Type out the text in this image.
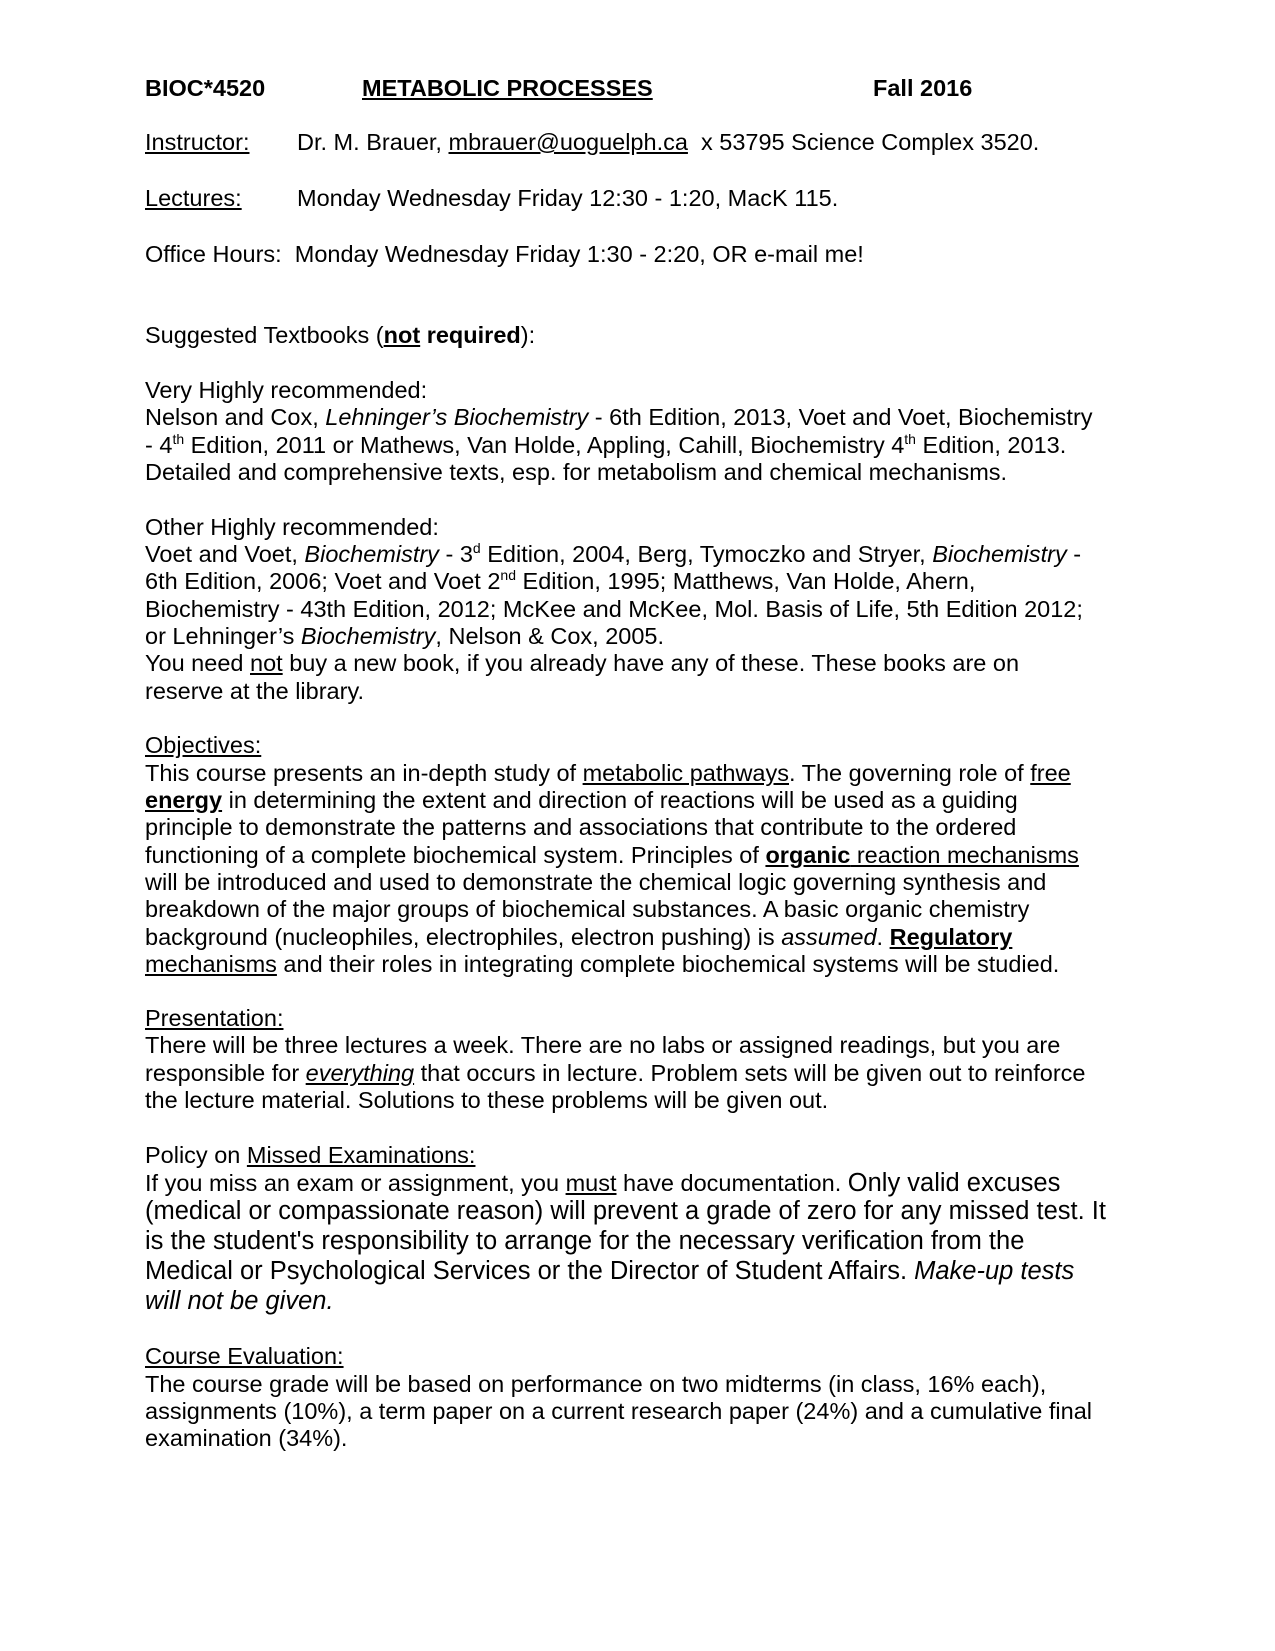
BIOC*4520	METABOLIC PROCESSES	Fall 2016
Instructor: Dr. M. Brauer, mbrauer@uoguelph.ca x 53795 Science Complex 3520.
Lectures: Monday Wednesday Friday 12:30 - 1:20, MacK 115.
Office Hours: Monday Wednesday Friday 1:30 - 2:20, OR e-mail me!
Suggested Textbooks (not required):
Very Highly recommended:
Nelson and Cox, Lehninger’s Biochemistry - 6th Edition, 2013, Voet and Voet, Biochemistry
- 4th Edition, 2011 or Mathews, Van Holde, Appling, Cahill, Biochemistry 4th Edition, 2013.
Detailed and comprehensive texts, esp. for metabolism and chemical mechanisms.
Other Highly recommended:
Voet and Voet, Biochemistry - 3$^d$ Edition, 2004, Berg, Tymoczko and Stryer, Biochemistry -
6th Edition, 2006; Voet and Voet 2nd Edition, 1995; Matthews, Van Holde, Ahern,
Biochemistry - 43th Edition, 2012; McKee and McKee, Mol. Basis of Life, 5th Edition 2012;
or Lehninger’s Biochemistry, Nelson & Cox, 2005.
You need not buy a new book, if you already have any of these. These books are on
reserve at the library.
Objectives:
This course presents an in-depth study of metabolic pathways. The governing role of free
energy in determining the extent and direction of reactions will be used as a guiding
principle to demonstrate the patterns and associations that contribute to the ordered
functioning of a complete biochemical system. Principles of organic reaction mechanisms
will be introduced and used to demonstrate the chemical logic governing synthesis and
breakdown of the major groups of biochemical substances. A basic organic chemistry
background (nucleophiles, electrophiles, electron pushing) is assumed. Regulatory
mechanisms and their roles in integrating complete biochemical systems will be studied.
Presentation:
There will be three lectures a week. There are no labs or assigned readings, but you are
responsible for everything that occurs in lecture. Problem sets will be given out to reinforce
the lecture material. Solutions to these problems will be given out.
Policy on Missed Examinations:
If you miss an exam or assignment, you must have documentation. Only valid excuses
(medical or compassionate reason) will prevent a grade of zero for any missed test. It
is the student's responsibility to arrange for the necessary verification from the
Medical or Psychological Services or the Director of Student Affairs. Make-up tests
will not be given.
Course Evaluation:
The course grade will be based on performance on two midterms (in class, 16% each),
assignments (10%), a term paper on a current research paper (24%) and a cumulative final
examination (34%).
